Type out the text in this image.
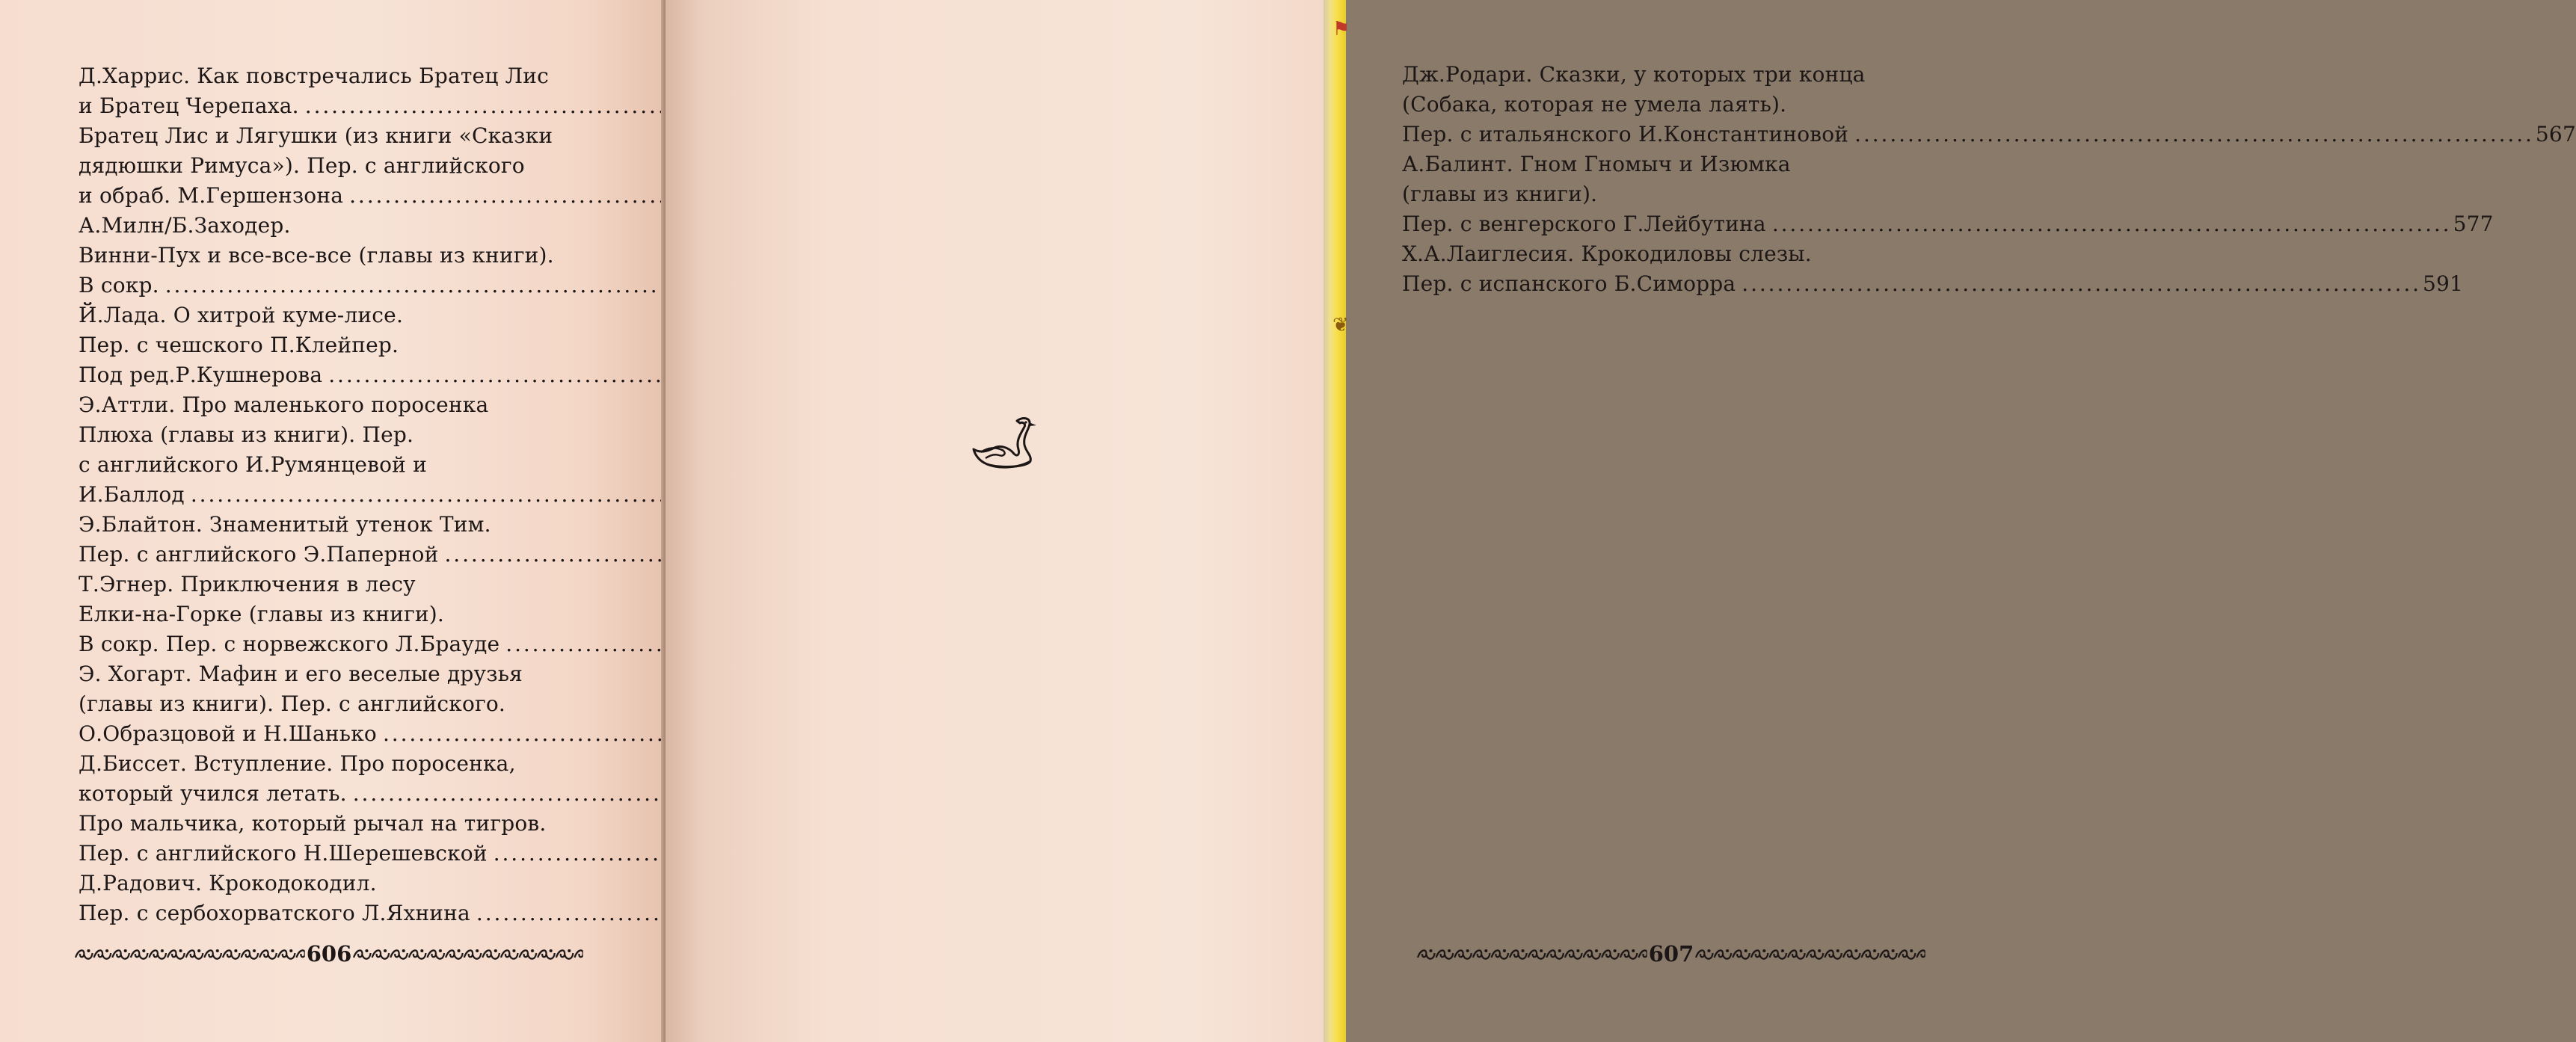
Д.Харрис. Как повстречались Братец Лис
и Братец Черепаха.
. . .
Братец Лис и Лягушки (из книги «Сказки
дядюшки Римуса»). Пер. с английского
и обраб. М.Гершензона
. . .
А.Милн/Б.Заходер.
Винни-Пух и все-все-все (главы из книги).
В сокр.
. . .
Й.Лада. О хитрой куме-лисе.
Пер. с чешского П.Клейпер.
Под ред.Р.Кушнерова
. . .
Э.Аттли. Про маленького поросенка
Плюха (главы из книги). Пер.
с английского И.Румянцевой и
И.Баллод
. . .
Э.Блайтон. Знаменитый утенок Тим.
Пер. с английского Э.Паперной
. . .
Т.Эгнер. Приключения в лесу
Елки-на-Горке (главы из книги).
В сокр. Пер. с норвежского Л.Брауде
. . .
Э. Хогарт. Мафин и его веселые друзья
(главы из книги). Пер. с английского.
О.Образцовой и Н.Шанько
. . .
Д.Биссет. Вступление. Про поросенка,
который учился летать.
. . .
Про мальчика, который рычал на тигров.
Пер. с английского Н.Шерешевской
. . .
Д.Радович. Крокодокодил.
Пер. с сербохорватского Л.Яхнина
. . .
606
Дж.Родари. Сказки, у которых три конца
(Собака, которая не умела лаять).
Пер. с итальянского И.Константиновой . . .	567
А.Балинт. Гном Гномыч и Изюмка
(главы из книги).
Пер. с венгерского Г.Лейбутина . . .	577
Х.А.Лаиглесия. Крокодиловы слезы.
Пер. с испанского Б.Симорра . . .	591
607
⚑
❦
